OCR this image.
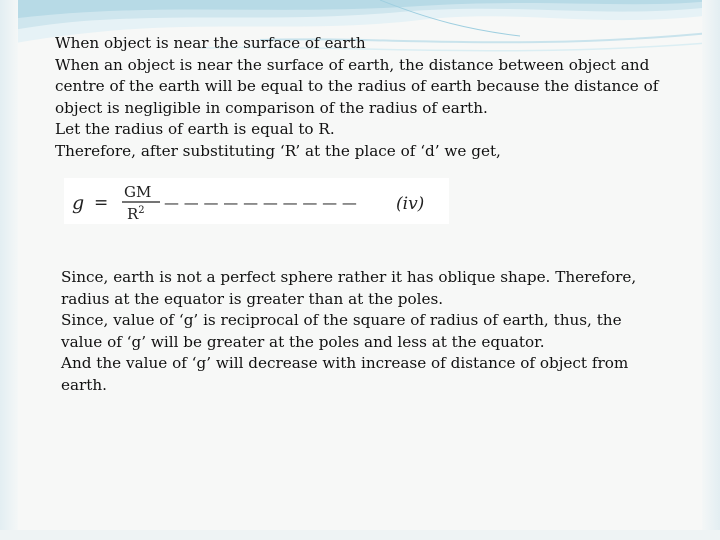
When object is near the surface of earth

When an object is near the surface of earth, the distance between object and centre of the earth will be equal to the radius of earth because the distance of object is negligible in comparison of the radius of earth.

Let the radius of earth is equal to R.

Therefore, after substituting ‘R’ at the place of ‘d’ we get,

g =
GM
$R^2$ — — — — — — — — — — (iv)

Since, earth is not a perfect sphere rather it has oblique shape. Therefore, radius at the equator is greater than at the poles.

Since, value of ‘g’ is reciprocal of the square of radius of earth, thus, the value of ‘g’ will be greater at the poles and less at the equator.

And the value of ‘g’ will decrease with increase of distance of object from earth.
